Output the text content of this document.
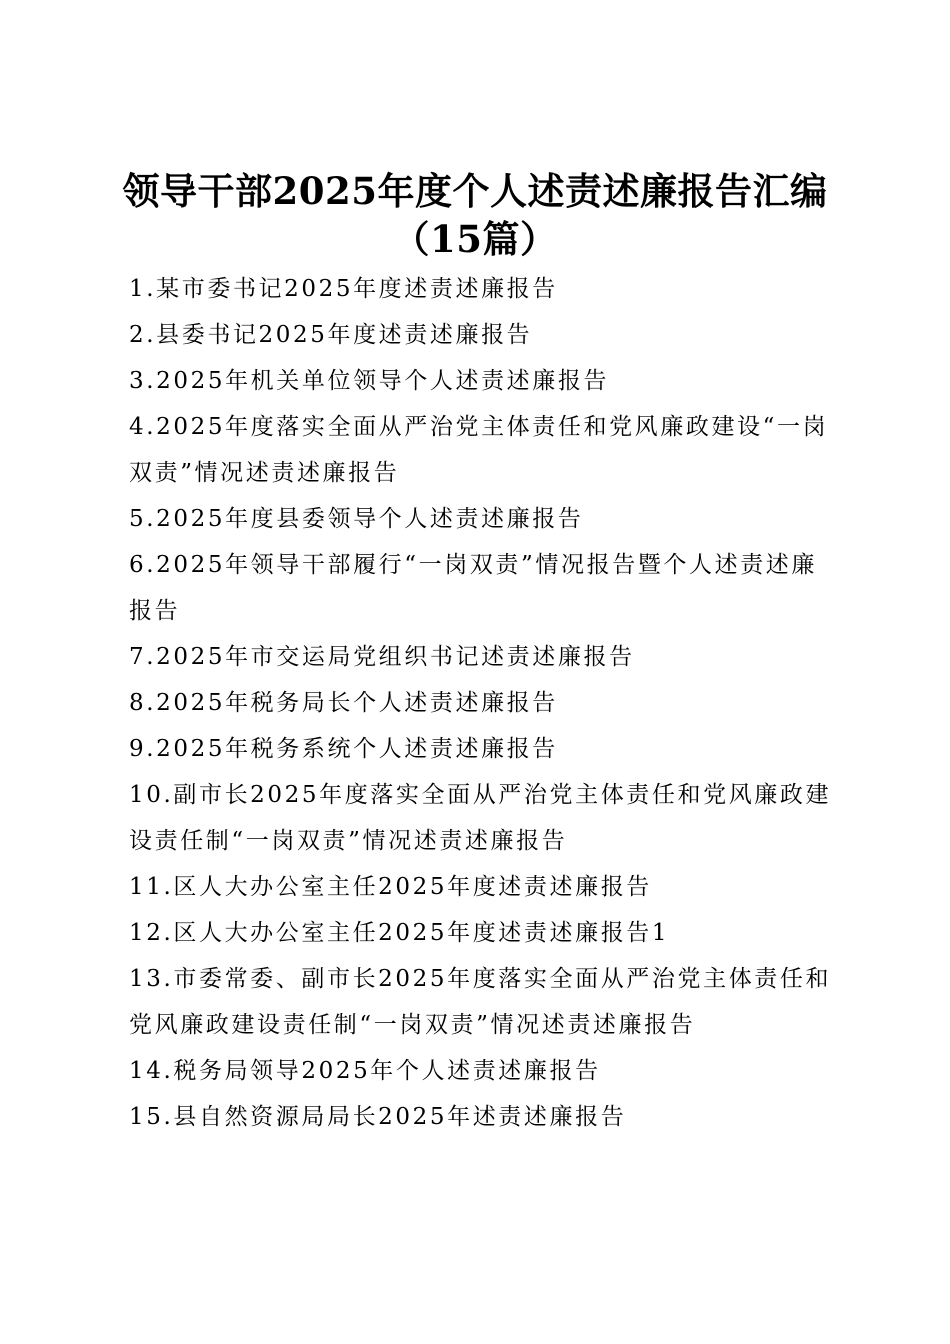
领导干部2025年度个人述责述廉报告汇编
（15篇）
1.某市委书记2025年度述责述廉报告
2.县委书记2025年度述责述廉报告
3.2025年机关单位领导个人述责述廉报告
4.2025年度落实全面从严治党主体责任和党风廉政建设“一岗双责”情况述责述廉报告
5.2025年度县委领导个人述责述廉报告
6.2025年领导干部履行“一岗双责”情况报告暨个人述责述廉报告
7.2025年市交运局党组织书记述责述廉报告
8.2025年税务局长个人述责述廉报告
9.2025年税务系统个人述责述廉报告
10.副市长2025年度落实全面从严治党主体责任和党风廉政建设责任制“一岗双责”情况述责述廉报告
11.区人大办公室主任2025年度述责述廉报告
12.区人大办公室主任2025年度述责述廉报告1
13.市委常委、副市长2025年度落实全面从严治党主体责任和党风廉政建设责任制“一岗双责”情况述责述廉报告
14.税务局领导2025年个人述责述廉报告
15.县自然资源局局长2025年述责述廉报告
